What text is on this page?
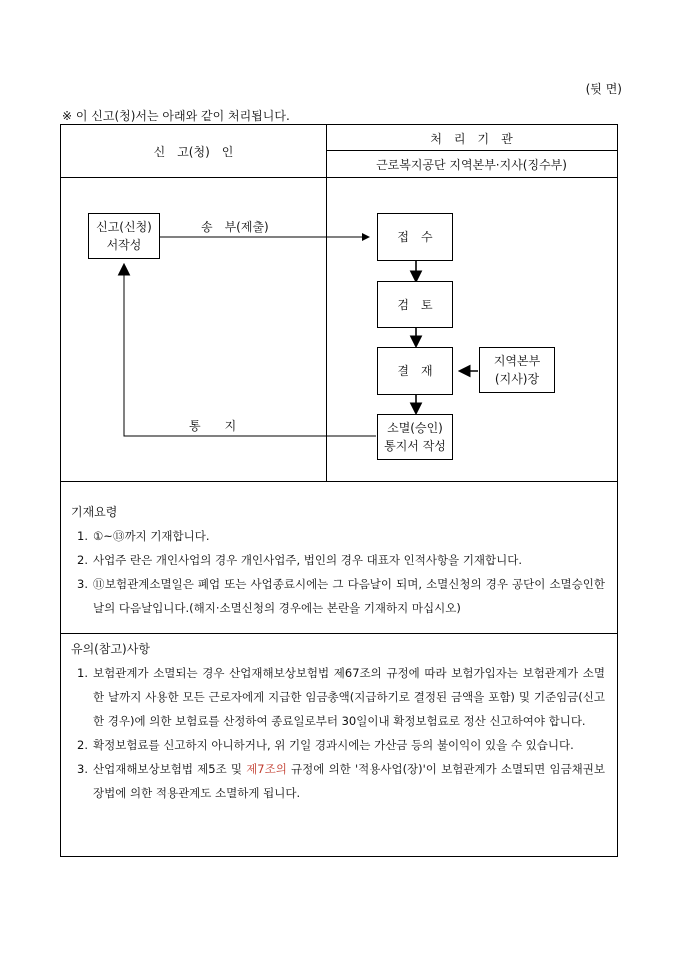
(뒷 면)
※ 이 신고(청)서는 아래와 같이 처리됩니다.
신　고(청)　인
처　리　기　관
근로복지공단 지역본부·지사(징수부)
신고(신청)
서작성
송　부(제출)
접　수
검　토
결　재
지역본부
(지사)장
소멸(승인)
통지서 작성
통　　지
기재요령
1. ①~⑬까지 기재합니다.
2. 사업주 란은 개인사업의 경우 개인사업주, 법인의 경우 대표자 인적사항을 기재합니다.
3. ⑪보험관계소멸일은 폐업 또는 사업종료시에는 그 다음날이 되며, 소멸신청의 경우 공단이 소멸승인한 날의 다음날입니다.(해지·소멸신청의 경우에는 본란을 기재하지 마십시오)
유의(참고)사항
1. 보험관계가 소멸되는 경우 산업재해보상보험법 제67조의 규정에 따라 보험가입자는 보험관계가 소멸한 날까지 사용한 모든 근로자에게 지급한 임금총액(지급하기로 결정된 금액을 포함) 및 기준임금(신고한 경우)에 의한 보험료를 산정하여 종료일로부터 30일이내 확정보험료로 정산 신고하여야 합니다.
2. 확정보험료를 신고하지 아니하거나, 위 기일 경과시에는 가산금 등의 불이익이 있을 수 있습니다.
3. 산업재해보상보험법 제5조 및 제7조의 규정에 의한 '적용사업(장)'이 보험관계가 소멸되면 임금채권보장법에 의한 적용관계도 소멸하게 됩니다.
